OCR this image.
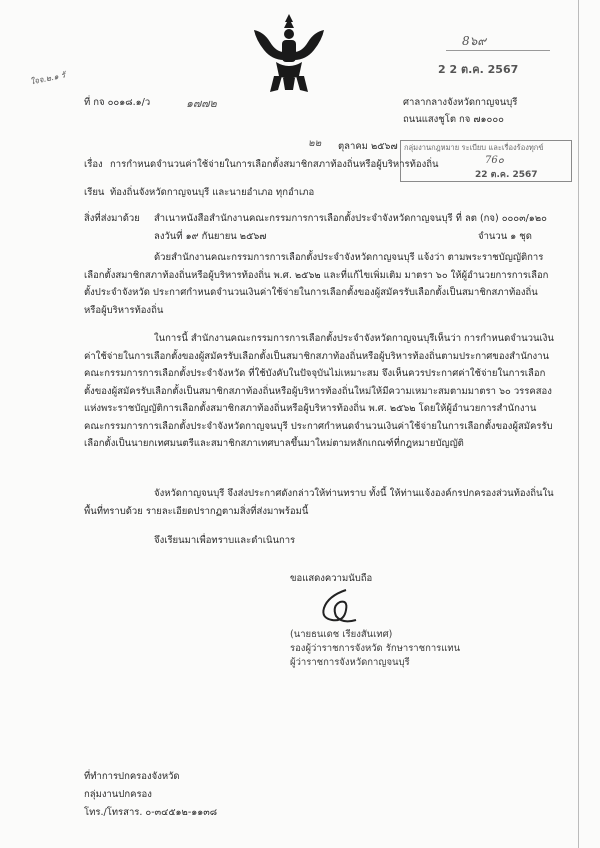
ใจจ.๒.๑ รั
8๖๙
2 2 ต.ค. 2567
ที่ กจ ๐๐๑๘.๑/ว	๑๗๗๒	ศาลากลางจังหวัดกาญจนบุรี
ถนนแสงชูโต กจ ๗๑๐๐๐
๒๒ ตุลาคม ๒๕๖๗ กลุ่มงานกฎหมาย ระเบียบ และเรื่องร้องทุกข์
76๐
22 ต.ค. 2567
เรื่อง การกำหนดจำนวนค่าใช้จ่ายในการเลือกตั้งสมาชิกสภาท้องถิ่นหรือผู้บริหารท้องถิ่น
เรียน ท้องถิ่นจังหวัดกาญจนบุรี และนายอำเภอ ทุกอำเภอ
สิ่งที่ส่งมาด้วย สำเนาหนังสือสำนักงานคณะกรรมการการเลือกตั้งประจำจังหวัดกาญจนบุรี ที่ ลต (กจ) ๐๐๐๓/๑๒๐
ลงวันที่ ๑๙ กันยายน ๒๕๖๗	จำนวน ๑ ชุด
ด้วยสำนักงานคณะกรรมการการเลือกตั้งประจำจังหวัดกาญจนบุรี แจ้งว่า ตามพระราชบัญญัติการเลือกตั้งสมาชิกสภาท้องถิ่นหรือผู้บริหารท้องถิ่น พ.ศ. ๒๕๖๒ และที่แก้ไขเพิ่มเติม มาตรา ๖๐ ให้ผู้อำนวยการการเลือกตั้งประจำจังหวัด ประกาศกำหนดจำนวนเงินค่าใช้จ่ายในการเลือกตั้งของผู้สมัครรับเลือกตั้งเป็นสมาชิกสภาท้องถิ่นหรือผู้บริหารท้องถิ่น
ในการนี้ สำนักงานคณะกรรมการการเลือกตั้งประจำจังหวัดกาญจนบุรีเห็นว่า การกำหนดจำนวนเงินค่าใช้จ่ายในการเลือกตั้งของผู้สมัครรับเลือกตั้งเป็นสมาชิกสภาท้องถิ่นหรือผู้บริหารท้องถิ่นตามประกาศของสำนักงานคณะกรรมการการเลือกตั้งประจำจังหวัด ที่ใช้บังคับในปัจจุบันไม่เหมาะสม จึงเห็นควรประกาศค่าใช้จ่ายในการเลือกตั้งของผู้สมัครรับเลือกตั้งเป็นสมาชิกสภาท้องถิ่นหรือผู้บริหารท้องถิ่นใหม่ให้มีความเหมาะสมตามมาตรา ๖๐ วรรคสอง แห่งพระราชบัญญัติการเลือกตั้งสมาชิกสภาท้องถิ่นหรือผู้บริหารท้องถิ่น พ.ศ. ๒๕๖๒ โดยให้ผู้อำนวยการสำนักงานคณะกรรมการการเลือกตั้งประจำจังหวัดกาญจนบุรี ประกาศกำหนดจำนวนเงินค่าใช้จ่ายในการเลือกตั้งของผู้สมัครรับเลือกตั้งเป็นนายกเทศมนตรีและสมาชิกสภาเทศบาลขึ้นมาใหม่ตามหลักเกณฑ์ที่กฎหมายบัญญัติ
จังหวัดกาญจนบุรี จึงส่งประกาศดังกล่าวให้ท่านทราบ ทั้งนี้ ให้ท่านแจ้งองค์กรปกครองส่วนท้องถิ่นในพื้นที่ทราบด้วย รายละเอียดปรากฏตามสิ่งที่ส่งมาพร้อมนี้
จึงเรียนมาเพื่อทราบและดำเนินการ
ขอแสดงความนับถือ
(นายธนเดช เรียงสันเทศ)
รองผู้ว่าราชการจังหวัด รักษาราชการแทน
ผู้ว่าราชการจังหวัดกาญจนบุรี
ที่ทำการปกครองจังหวัด
กลุ่มงานปกครอง
โทร./โทรสาร. ๐-๓๔๕๑๒-๑๑๓๘
